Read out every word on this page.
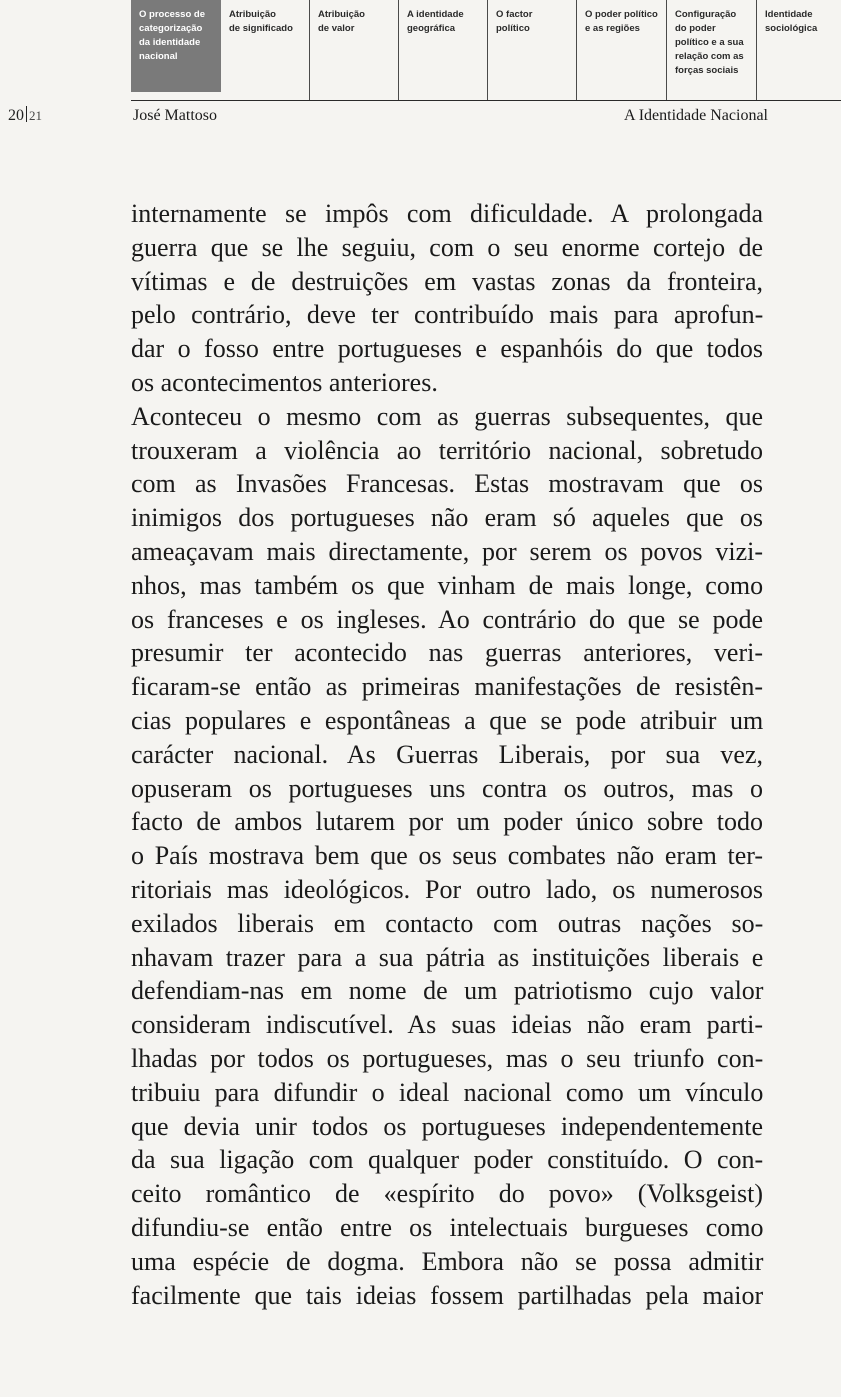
O processo de
categorização
da identidade
nacional
Atribuição
de significado
Atribuição
de valor
A identidade
geográfica
O factor
político
O poder político
e as regiões
Configuração
do poder
político e a sua
relação com as
forças sociais
Identidade
sociológica
20 21	José Mattoso	A Identidade Nacional
internamente se impôs com dificuldade. A prolongada
guerra que se lhe seguiu, com o seu enorme cortejo de
vítimas e de destruições em vastas zonas da fronteira,
pelo contrário, deve ter contribuído mais para aprofun-
dar o fosso entre portugueses e espanhóis do que todos
os acontecimentos anteriores.
Aconteceu o mesmo com as guerras subsequentes, que
trouxeram a violência ao território nacional, sobretudo
com as Invasões Francesas. Estas mostravam que os
inimigos dos portugueses não eram só aqueles que os
ameaçavam mais directamente, por serem os povos vizi-
nhos, mas também os que vinham de mais longe, como
os franceses e os ingleses. Ao contrário do que se pode
presumir ter acontecido nas guerras anteriores, veri-
ficaram-se então as primeiras manifestações de resistên-
cias populares e espontâneas a que se pode atribuir um
carácter nacional. As Guerras Liberais, por sua vez,
opuseram os portugueses uns contra os outros, mas o
facto de ambos lutarem por um poder único sobre todo
o País mostrava bem que os seus combates não eram ter-
ritoriais mas ideológicos. Por outro lado, os numerosos
exilados liberais em contacto com outras nações so-
nhavam trazer para a sua pátria as instituições liberais e
defendiam-nas em nome de um patriotismo cujo valor
consideram indiscutível. As suas ideias não eram parti-
lhadas por todos os portugueses, mas o seu triunfo con-
tribuiu para difundir o ideal nacional como um vínculo
que devia unir todos os portugueses independentemente
da sua ligação com qualquer poder constituído. O con-
ceito romântico de «espírito do povo» (Volksgeist)
difundiu-se então entre os intelectuais burgueses como
uma espécie de dogma. Embora não se possa admitir
facilmente que tais ideias fossem partilhadas pela maior
